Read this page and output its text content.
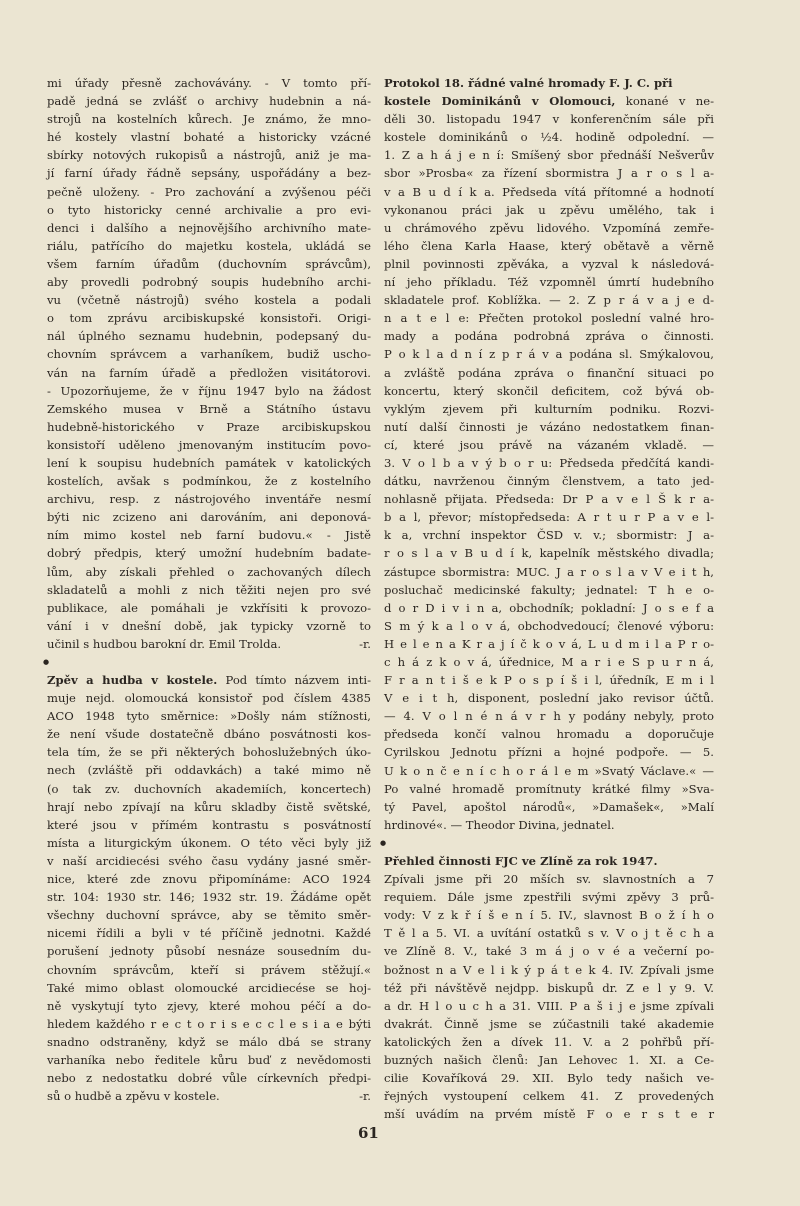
mi úřady přesně zachovávány. - V tomto pří-
padě jedná se zvlášť o archivy hudebnin a ná-
strojů na kostelních kůrech. Je známo, že mno-
hé kostely vlastní bohaté a historicky vzácné
sbírky notových rukopisů a nástrojů, aniž je ma-
jí farní úřady řádně sepsány, uspořádány a bez-
pečně uloženy. - Pro zachování a zvýšenou péči
o tyto historicky cenné archivalie a pro evi-
denci i dalšího a nejnovějšího archivního mate-
riálu, patřícího do majetku kostela, ukládá se
všem farním úřadům (duchovním správcům),
aby provedli podrobný soupis hudebního archi-
vu (včetně nástrojů) svého kostela a podali
o tom zprávu arcibiskupské konsistoři. Origi-
nál úplného seznamu hudebnin, podepsaný du-
chovním správcem a varhaníkem, budiž uscho-
ván na farním úřadě a předložen visitátorovi.
- Upozorňujeme, že v říjnu 1947 bylo na žádost
Zemského musea v Brně a Státního ústavu
hudebně-historického v Praze arcibiskupskou
konsistoří uděleno jmenovaným institucím povo-
lení k soupisu hudebních památek v katolických
kostelích, avšak s podmínkou, že z kostelního
archivu, resp. z nástrojového inventáře nesmí
býti nic zcizeno ani darováním, ani deponová-
ním mimo kostel neb farní budovu.« - Jistě
dobrý předpis, který umožní hudebním badate-
lům, aby získali přehled o zachovaných dílech
skladatelů a mohli z nich těžiti nejen pro své
publikace, ale pomáhali je vzkřísiti k provozo-
vání i v dnešní době, jak typicky vzorně to
učinil s hudbou barokní dr. Emil Trolda.	-r.
●
Zpěv a hudba v kostele. Pod tímto názvem inti-
muje nejd. olomoucká konsistoř pod číslem 4385
ACO 1948 tyto směrnice: »Došly nám stížnosti,
že není všude dostatečně dbáno posvátnosti kos-
tela tím, že se při některých bohoslužebných úko-
nech (zvláště při oddavkách) a také mimo ně
(o tak zv. duchovních akademiích, koncertech)
hrají nebo zpívají na kůru skladby čistě světské,
které jsou v přímém kontrastu s posvátností
místa a liturgickým úkonem. O této věci byly již
v naší arcidiecési svého času vydány jasné směr-
nice, které zde znovu připomínáme: ACO 1924
str. 104: 1930 str. 146; 1932 str. 19. Žádáme opět
všechny duchovní správce, aby se těmito směr-
nicemi řídili a byli v té příčině jednotni. Každé
porušení jednoty působí nesnáze sousedním du-
chovním správcům, kteří si právem stěžují.«
Také mimo oblast olomoucké arcidiecése se hoj-
ně vyskytují tyto zjevy, které mohou péčí a do-
hledem každého r e c t o r i s e c c l e s i a e býti
snadno odstraněny, když se málo dbá se strany
varhaníka nebo ředitele kůru buď z nevědomosti
nebo z nedostatku dobré vůle církevních předpi-
sů o hudbě a zpěvu v kostele.	-r.
Protokol 18. řádné valné hromady F. J. C. při
kostele Dominikánů v Olomouci, konané v ne-
děli 30. listopadu 1947 v konferenčním sále při
kostele dominikánů o ½4. hodině odpolední. —
1. Z a h á j e n í: Smíšený sbor přednáší Nešverův
sbor »Prosba« za řízení sbormistra J a r o s l a-
v a B u d í k a. Předseda vítá přítomné a hodnotí
vykonanou práci jak u zpěvu umělého, tak i
u chrámového zpěvu lidového. Vzpomíná zemře-
lého člena Karla Haase, který obětavě a věrně
plnil povinnosti zpěváka, a vyzval k následová-
ní jeho příkladu. Též vzpomněl úmrtí hudebního
skladatele prof. Koblížka. — 2. Z p r á v a j e d-
n a t e l e: Přečten protokol poslední valné hro-
mady a podána podrobná zpráva o činnosti.
P o k l a d n í z p r á v a podána sl. Smýkalovou,
a zvláště podána zpráva o finanční situaci po
koncertu, který skončil deficitem, což bývá ob-
vyklým zjevem při kulturním podniku. Rozvi-
nutí další činnosti je vázáno nedostatkem finan-
cí, které jsou právě na vázaném vkladě. —
3. V o l b a v ý b o r u: Předseda předčítá kandi-
dátku, navrženou činným členstvem, a tato jed-
nohlasně přijata. Předseda: Dr P a v e l Š k r a-
b a l, převor; místopředseda: A r t u r P a v e l-
k a, vrchní inspektor ČSD v. v.; sbormistr: J a-
r o s l a v B u d í k, kapelník městského divadla;
zástupce sbormistra: MUC. J a r o s l a v V e i t h,
posluchač medicinské fakulty; jednatel: T h e o-
d o r D i v i n a, obchodník; pokladní: J o s e f a
S m ý k a l o v á, obchodvedoucí; členové výboru:
H e l e n a K r a j í č k o v á, L u d m i l a P r o-
c h á z k o v á, úřednice, M a r i e S p u r n á,
F r a n t i š e k P o s p í š i l, úředník, E m i l
V e i t h, disponent, poslední jako revisor účtů.
— 4. V o l n é n á v r h y podány nebyly, proto
předseda končí valnou hromadu a doporučuje
Cyrilskou Jednotu přízni a hojné podpoře. — 5.
U k o n č e n í c h o r á l e m »Svatý Václave.« —
Po valné hromadě promítnuty krátké filmy »Sva-
tý Pavel, apoštol národů«, »Damašek«, »Malí
hrdinové«. — Theodor Divina, jednatel.
●
Přehled činnosti FJC ve Zlíně za rok 1947.
Zpívali jsme při 20 mších sv. slavnostních a 7
requiem. Dále jsme zpestřili svými zpěvy 3 prů-
vody: V z k ř í š e n í 5. IV., slavnost B o ž í h o
T ě l a 5. VI. a uvítání ostatků s v. V o j t ě c h a
ve Zlíně 8. V., také 3 m á j o v é a večerní po-
božnost n a V e l i k ý p á t e k 4. IV. Zpívali jsme
též při návštěvě nejdpp. biskupů dr. Z e l y 9. V.
a dr. H l o u c h a 31. VIII. P a š i j e jsme zpívali
dvakrát. Činně jsme se zúčastnili také akademie
katolických žen a dívek 11. V. a 2 pohřbů pří-
buzných našich členů: Jan Lehovec 1. XI. a Ce-
cilie Kovaříková 29. XII. Bylo tedy našich ve-
řejných vystoupení celkem 41. Z provedených
mší uvádím na prvém místě F o e r s t e r
61
